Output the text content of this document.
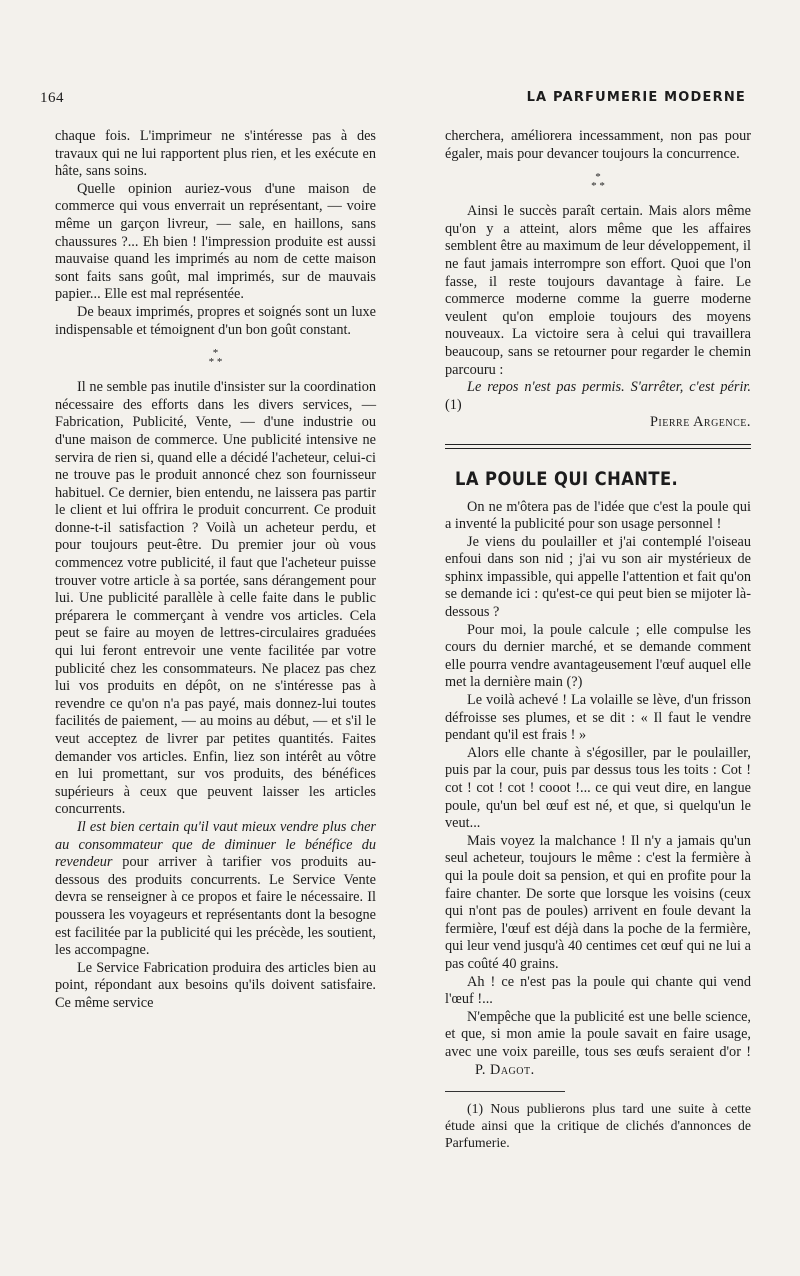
164	LA PARFUMERIE MODERNE

chaque fois. L'imprimeur ne s'intéresse pas à des travaux qui ne lui rapportent plus rien, et les exécute en hâte, sans soins.

Quelle opinion auriez-vous d'une maison de commerce qui vous enverrait un représentant, — voire même un garçon livreur, — sale, en haillons, sans chaussures ?... Eh bien ! l'impression produite est aussi mauvaise quand les imprimés au nom de cette maison sont faits sans goût, mal imprimés, sur de mauvais papier... Elle est mal représentée.

De beaux imprimés, propres et soignés sont un luxe indispensable et témoignent d'un bon goût constant.

*
* *

Il ne semble pas inutile d'insister sur la coordination nécessaire des efforts dans les divers services, — Fabrication, Publicité, Vente, — d'une industrie ou d'une maison de commerce. Une publicité intensive ne servira de rien si, quand elle a décidé l'acheteur, celui-ci ne trouve pas le produit annoncé chez son fournisseur habituel. Ce dernier, bien entendu, ne laissera pas partir le client et lui offrira le produit concurrent. Ce produit donne-t-il satisfaction ? Voilà un acheteur perdu, et pour toujours peut-être. Du premier jour où vous commencez votre publicité, il faut que l'acheteur puisse trouver votre article à sa portée, sans dérangement pour lui. Une publicité parallèle à celle faite dans le public préparera le commerçant à vendre vos articles. Cela peut se faire au moyen de lettres-circulaires graduées qui lui feront entrevoir une vente facilitée par votre publicité chez les consommateurs. Ne placez pas chez lui vos produits en dépôt, on ne s'intéresse pas à revendre ce qu'on n'a pas payé, mais donnez-lui toutes facilités de paiement, — au moins au début, — et s'il le veut acceptez de livrer par petites quantités. Faites demander vos articles. Enfin, liez son intérêt au vôtre en lui promettant, sur vos produits, des bénéfices supérieurs à ceux que peuvent laisser les articles concurrents.

Il est bien certain qu'il vaut mieux vendre plus cher au consommateur que de diminuer le bénéfice du revendeur pour arriver à tarifier vos produits au-dessous des produits concurrents. Le Service Vente devra se renseigner à ce propos et faire le nécessaire. Il poussera les voyageurs et représentants dont la besogne est facilitée par la publicité qui les précède, les soutient, les accompagne.

Le Service Fabrication produira des articles bien au point, répondant aux besoins qu'ils doivent satisfaire. Ce même service

cherchera, améliorera incessamment, non pas pour égaler, mais pour devancer toujours la concurrence.

*
* *

Ainsi le succès paraît certain. Mais alors même qu'on y a atteint, alors même que les affaires semblent être au maximum de leur développement, il ne faut jamais interrompre son effort. Quoi que l'on fasse, il reste toujours davantage à faire. Le commerce moderne comme la guerre moderne veulent qu'on emploie toujours des moyens nouveaux. La victoire sera à celui qui travaillera beaucoup, sans se retourner pour regarder le chemin parcouru :

Le repos n'est pas permis. S'arrêter, c'est périr. (1)

Pierre Argence.

LA POULE QUI CHANTE.

On ne m'ôtera pas de l'idée que c'est la poule qui a inventé la publicité pour son usage personnel !

Je viens du poulailler et j'ai contemplé l'oiseau enfoui dans son nid ; j'ai vu son air mystérieux de sphinx impassible, qui appelle l'attention et fait qu'on se demande ici : qu'est-ce qui peut bien se mijoter là-dessous ?

Pour moi, la poule calcule ; elle compulse les cours du dernier marché, et se demande comment elle pourra vendre avantageusement l'œuf auquel elle met la dernière main (?)

Le voilà achevé ! La volaille se lève, d'un frisson défroisse ses plumes, et se dit : « Il faut le vendre pendant qu'il est frais ! »

Alors elle chante à s'égosiller, par le poulailler, puis par la cour, puis par dessus tous les toits : Cot ! cot ! cot ! cot ! cooot !... ce qui veut dire, en langue poule, qu'un bel œuf est né, et que, si quelqu'un le veut...

Mais voyez la malchance ! Il n'y a jamais qu'un seul acheteur, toujours le même : c'est la fermière à qui la poule doit sa pension, et qui en profite pour la faire chanter. De sorte que lorsque les voisins (ceux qui n'ont pas de poules) arrivent en foule devant la fermière, l'œuf est déjà dans la poche de la fermière, qui leur vend jusqu'à 40 centimes cet œuf qui ne lui a pas coûté 40 grains.

Ah ! ce n'est pas la poule qui chante qui vend l'œuf !...

N'empêche que la publicité est une belle science, et que, si mon amie la poule savait en faire usage, avec une voix pareille, tous ses œufs seraient d'or ! P. Dagot.

(1) Nous publierons plus tard une suite à cette étude ainsi que la critique de clichés d'annonces de Parfumerie.
